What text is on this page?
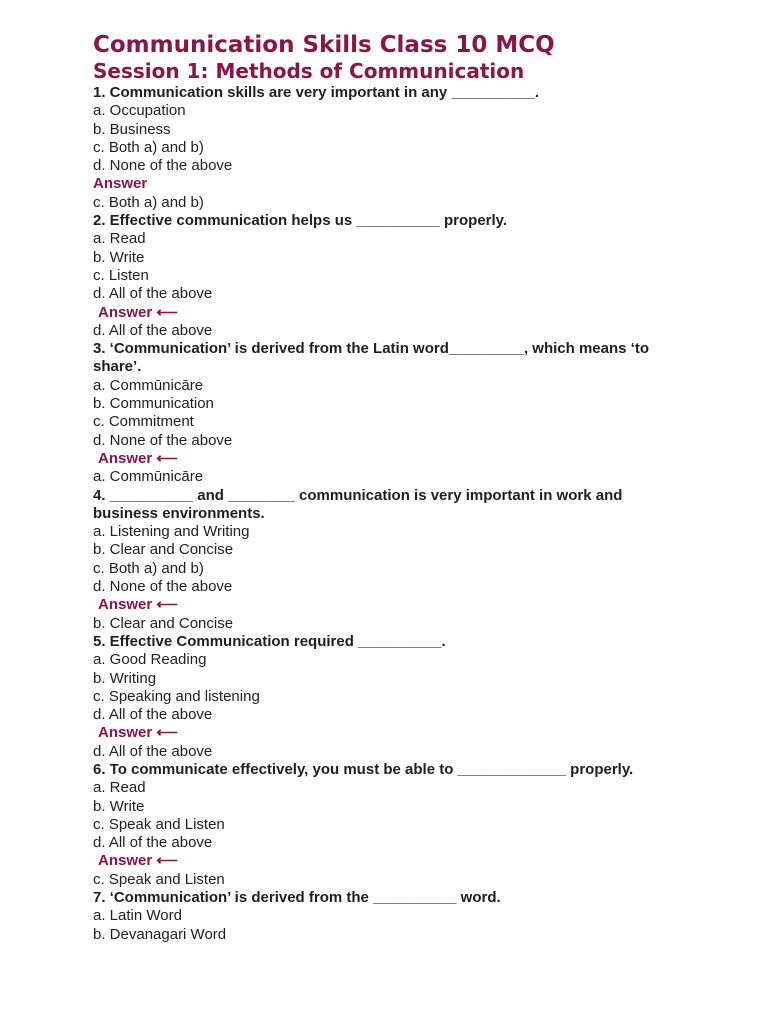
Communication Skills Class 10 MCQ
Session 1: Methods of Communication

1. Communication skills are very important in any __________.

a. Occupation

b. Business

c. Both a) and b)

d. None of the above

Answer

c. Both a) and b)

2. Effective communication helps us __________ properly.

a. Read

b. Write

c. Listen

d. All of the above

Answer ⟵

d. All of the above

3. ‘Communication’ is derived from the Latin word_________, which means ‘to share’.

a. Commūnicāre

b. Communication

c. Commitment

d. None of the above

Answer ⟵

a. Commūnicāre

4. __________ and ________ communication is very important in work and business environments.

a. Listening and Writing

b. Clear and Concise

c. Both a) and b)

d. None of the above

Answer ⟵

b. Clear and Concise

5. Effective Communication required __________.

a. Good Reading

b. Writing

c. Speaking and listening

d. All of the above

Answer ⟵

d. All of the above

6. To communicate effectively, you must be able to _____________ properly.

a. Read

b. Write

c. Speak and Listen

d. All of the above

Answer ⟵

c. Speak and Listen

7. ‘Communication’ is derived from the __________ word.

a. Latin Word

b. Devanagari Word
